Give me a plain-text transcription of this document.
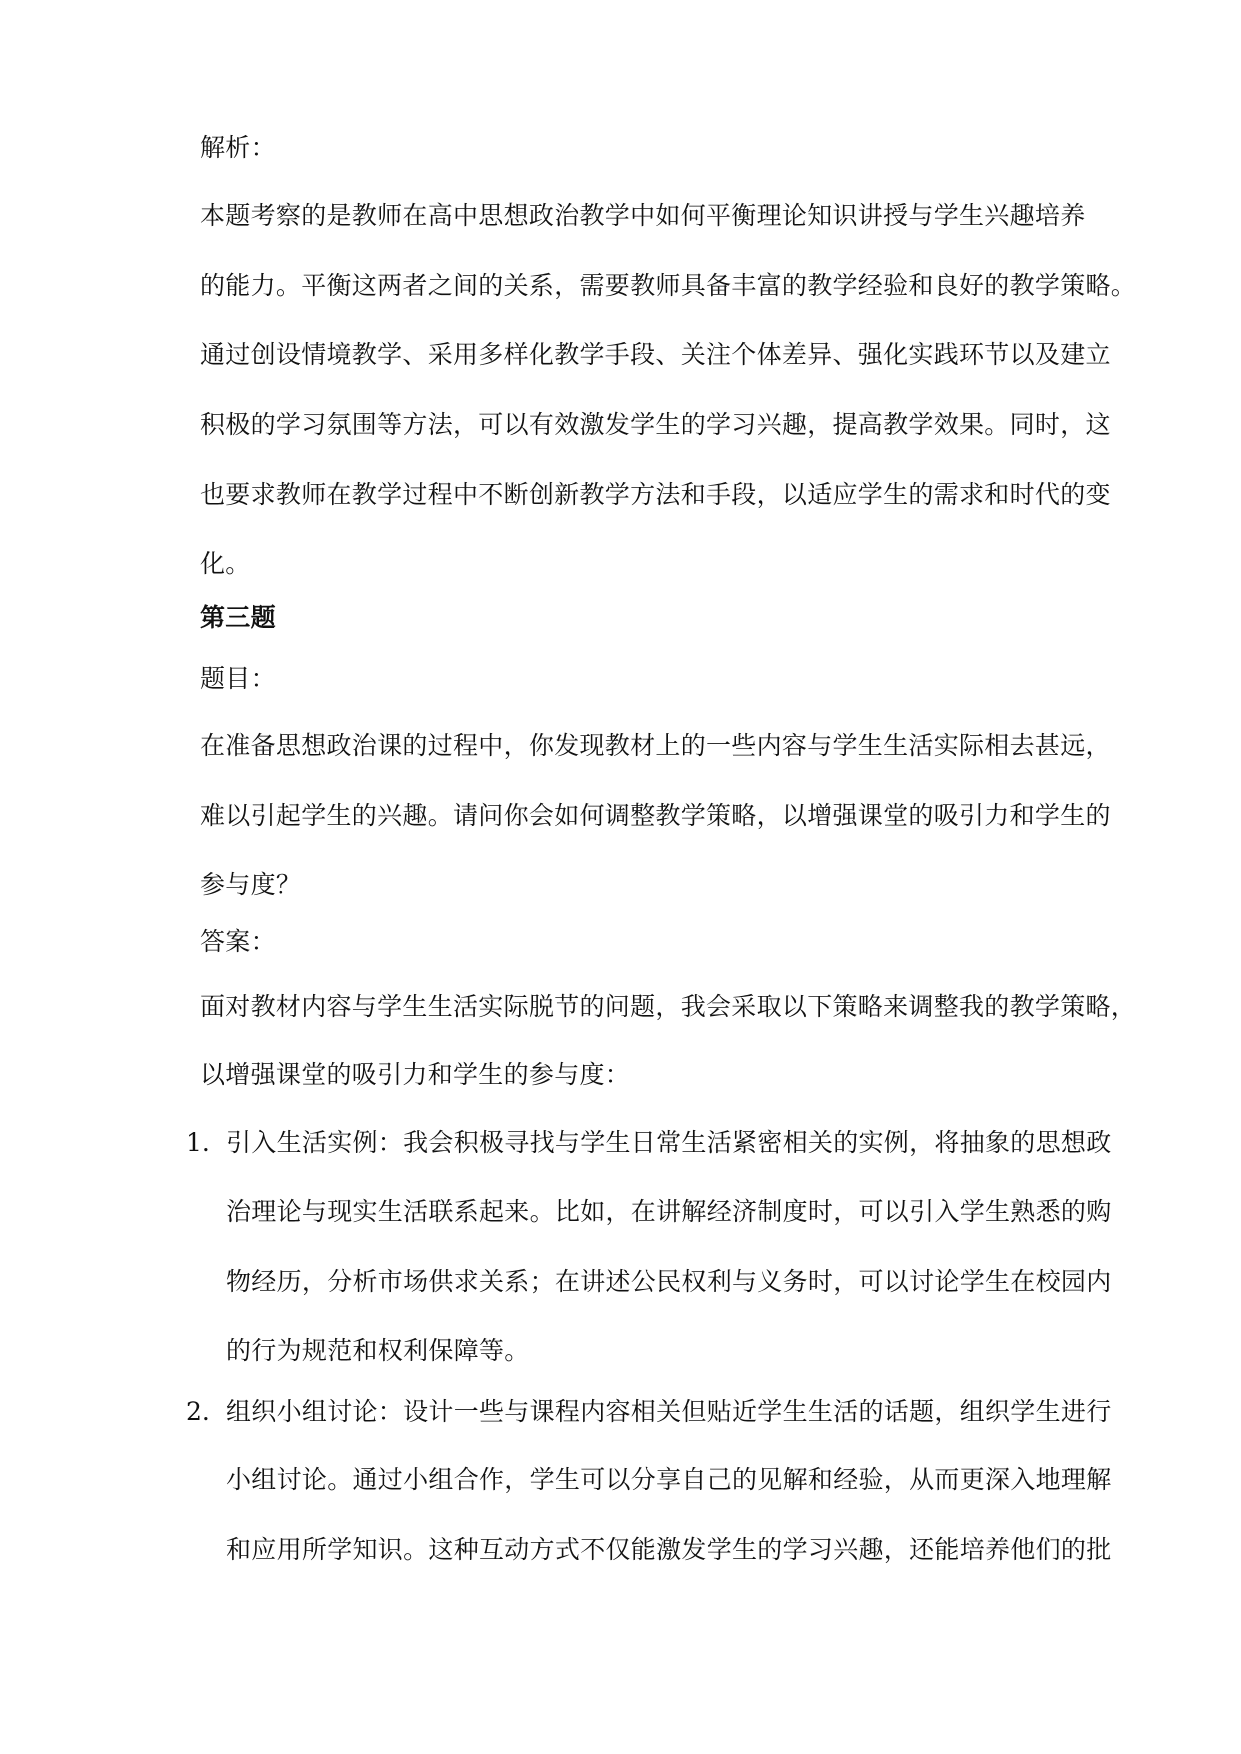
解析：
本题考察的是教师在高中思想政治教学中如何平衡理论知识讲授与学生兴趣培养
的能力。平衡这两者之间的关系，需要教师具备丰富的教学经验和良好的教学策略。
通过创设情境教学、采用多样化教学手段、关注个体差异、强化实践环节以及建立
积极的学习氛围等方法，可以有效激发学生的学习兴趣，提高教学效果。同时，这
也要求教师在教学过程中不断创新教学方法和手段，以适应学生的需求和时代的变
化。
第三题
题目：
在准备思想政治课的过程中，你发现教材上的一些内容与学生生活实际相去甚远，
难以引起学生的兴趣。请问你会如何调整教学策略，以增强课堂的吸引力和学生的
参与度？
答案：
面对教材内容与学生生活实际脱节的问题，我会采取以下策略来调整我的教学策略，
以增强课堂的吸引力和学生的参与度：
1. 引入生活实例：我会积极寻找与学生日常生活紧密相关的实例，将抽象的思想政
治理论与现实生活联系起来。比如，在讲解经济制度时，可以引入学生熟悉的购
物经历，分析市场供求关系；在讲述公民权利与义务时，可以讨论学生在校园内
的行为规范和权利保障等。
2. 组织小组讨论：设计一些与课程内容相关但贴近学生生活的话题，组织学生进行
小组讨论。通过小组合作，学生可以分享自己的见解和经验，从而更深入地理解
和应用所学知识。这种互动方式不仅能激发学生的学习兴趣，还能培养他们的批
